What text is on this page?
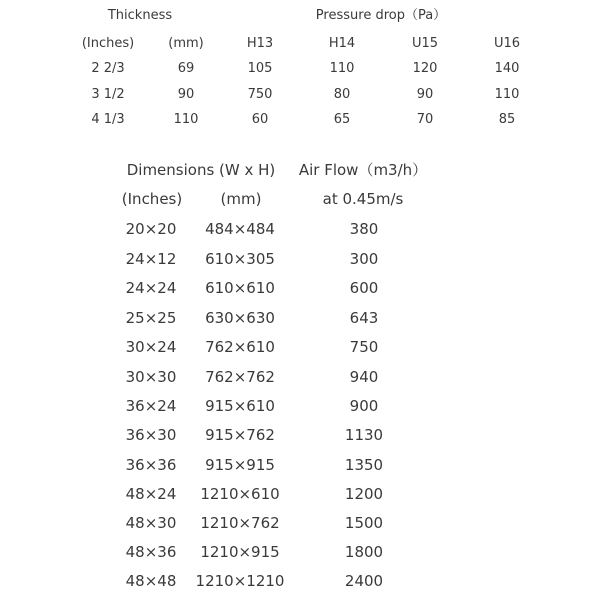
Thickness	Pressure drop（Pa）
(Inches)	(mm)	H13	H14	U15	U16
2 2/3	69	105	110	120	140
3 1/2	90	750	80	90	110
4 1/3	110	60	65	70	85
Dimensions (W x H) Air Flow（m3/h）
(Inches)	(mm)	at 0.45m/s
20×20 484×484	380
24×12 610×305	300
24×24 610×610	600
25×25 630×630	643
30×24 762×610	750
30×30 762×762	940
36×24 915×610	900
36×30 915×762	1130
36×36 915×915	1350
48×24 1210×610	1200
48×30 1210×762	1500
48×36 1210×915	1800
48×48 1210×1210	2400
